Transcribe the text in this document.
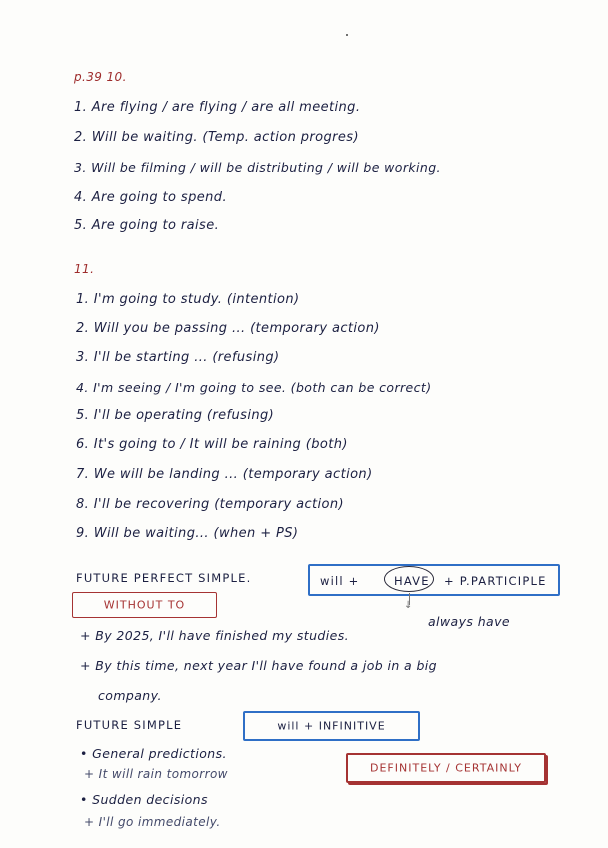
p.39 10.
1. Are flying / are flying / are all meeting.
2. Will be waiting. (Temp. action progres)
3. Will be filming / will be distributing / will be working.
4. Are going to spend.
5. Are going to raise.
11.
1. I'm going to study. (intention)
2. Will you be passing ... (temporary action)
3. I'll be starting ... (refusing)
4. I'm seeing / I'm going to see. (both can be correct)
5. I'll be operating (refusing)
6. It's going to / It will be raining (both)
7. We will be landing ... (temporary action)
8. I'll be recovering (temporary action)
9. Will be waiting... (when + PS)
FUTURE PERFECT SIMPLE.	will +	HAVE + P.PARTICIPLE
↓
WITHOUT TO
always have
+ By 2025, I'll have finished my studies.
+ By this time, next year I'll have found a job in a big
company.
FUTURE SIMPLE	will + INFINITIVE
DEFINITELY / CERTAINLY
• General predictions.
+ It will rain tomorrow
• Sudden decisions
+ I'll go immediately.
